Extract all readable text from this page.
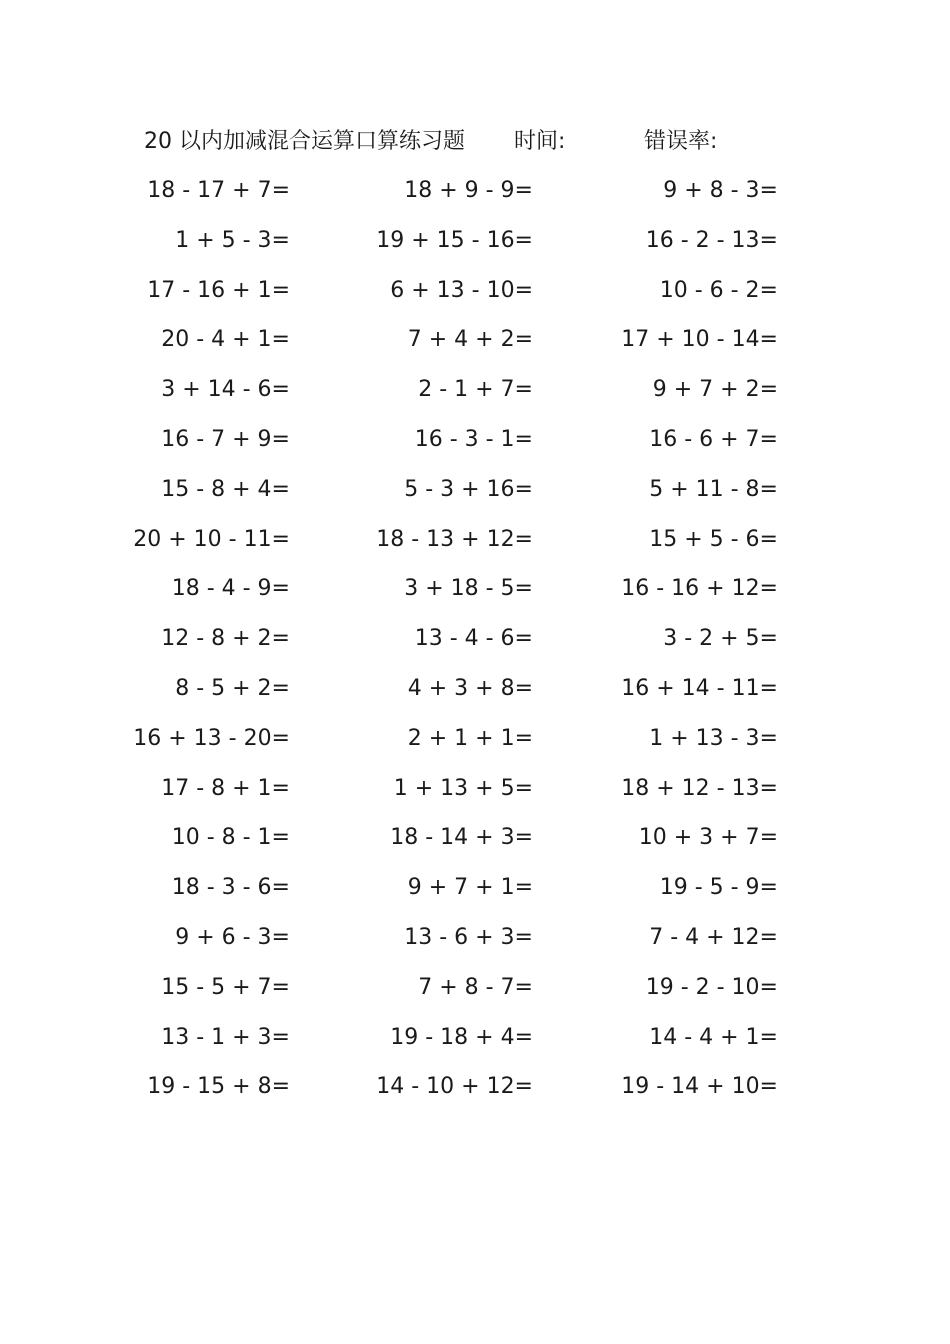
20 以内加减混合运算口算练习题 时间:	错误率:
18 - 17 + 7=	18 + 9 - 9=	9 + 8 - 3=
1 + 5 - 3=	19 + 15 - 16=	16 - 2 - 13=
17 - 16 + 1=	6 + 13 - 10=	10 - 6 - 2=
20 - 4 + 1=	7 + 4 + 2=	17 + 10 - 14=
3 + 14 - 6=	2 - 1 + 7=	9 + 7 + 2=
16 - 7 + 9=	16 - 3 - 1=	16 - 6 + 7=
15 - 8 + 4=	5 - 3 + 16=	5 + 11 - 8=
20 + 10 - 11=	18 - 13 + 12=	15 + 5 - 6=
18 - 4 - 9=	3 + 18 - 5=	16 - 16 + 12=
12 - 8 + 2=	13 - 4 - 6=	3 - 2 + 5=
8 - 5 + 2=	4 + 3 + 8=	16 + 14 - 11=
16 + 13 - 20=	2 + 1 + 1=	1 + 13 - 3=
17 - 8 + 1=	1 + 13 + 5=	18 + 12 - 13=
10 - 8 - 1=	18 - 14 + 3=	10 + 3 + 7=
18 - 3 - 6=	9 + 7 + 1=	19 - 5 - 9=
9 + 6 - 3=	13 - 6 + 3=	7 - 4 + 12=
15 - 5 + 7=	7 + 8 - 7=	19 - 2 - 10=
13 - 1 + 3=	19 - 18 + 4=	14 - 4 + 1=
19 - 15 + 8=	14 - 10 + 12=	19 - 14 + 10=
